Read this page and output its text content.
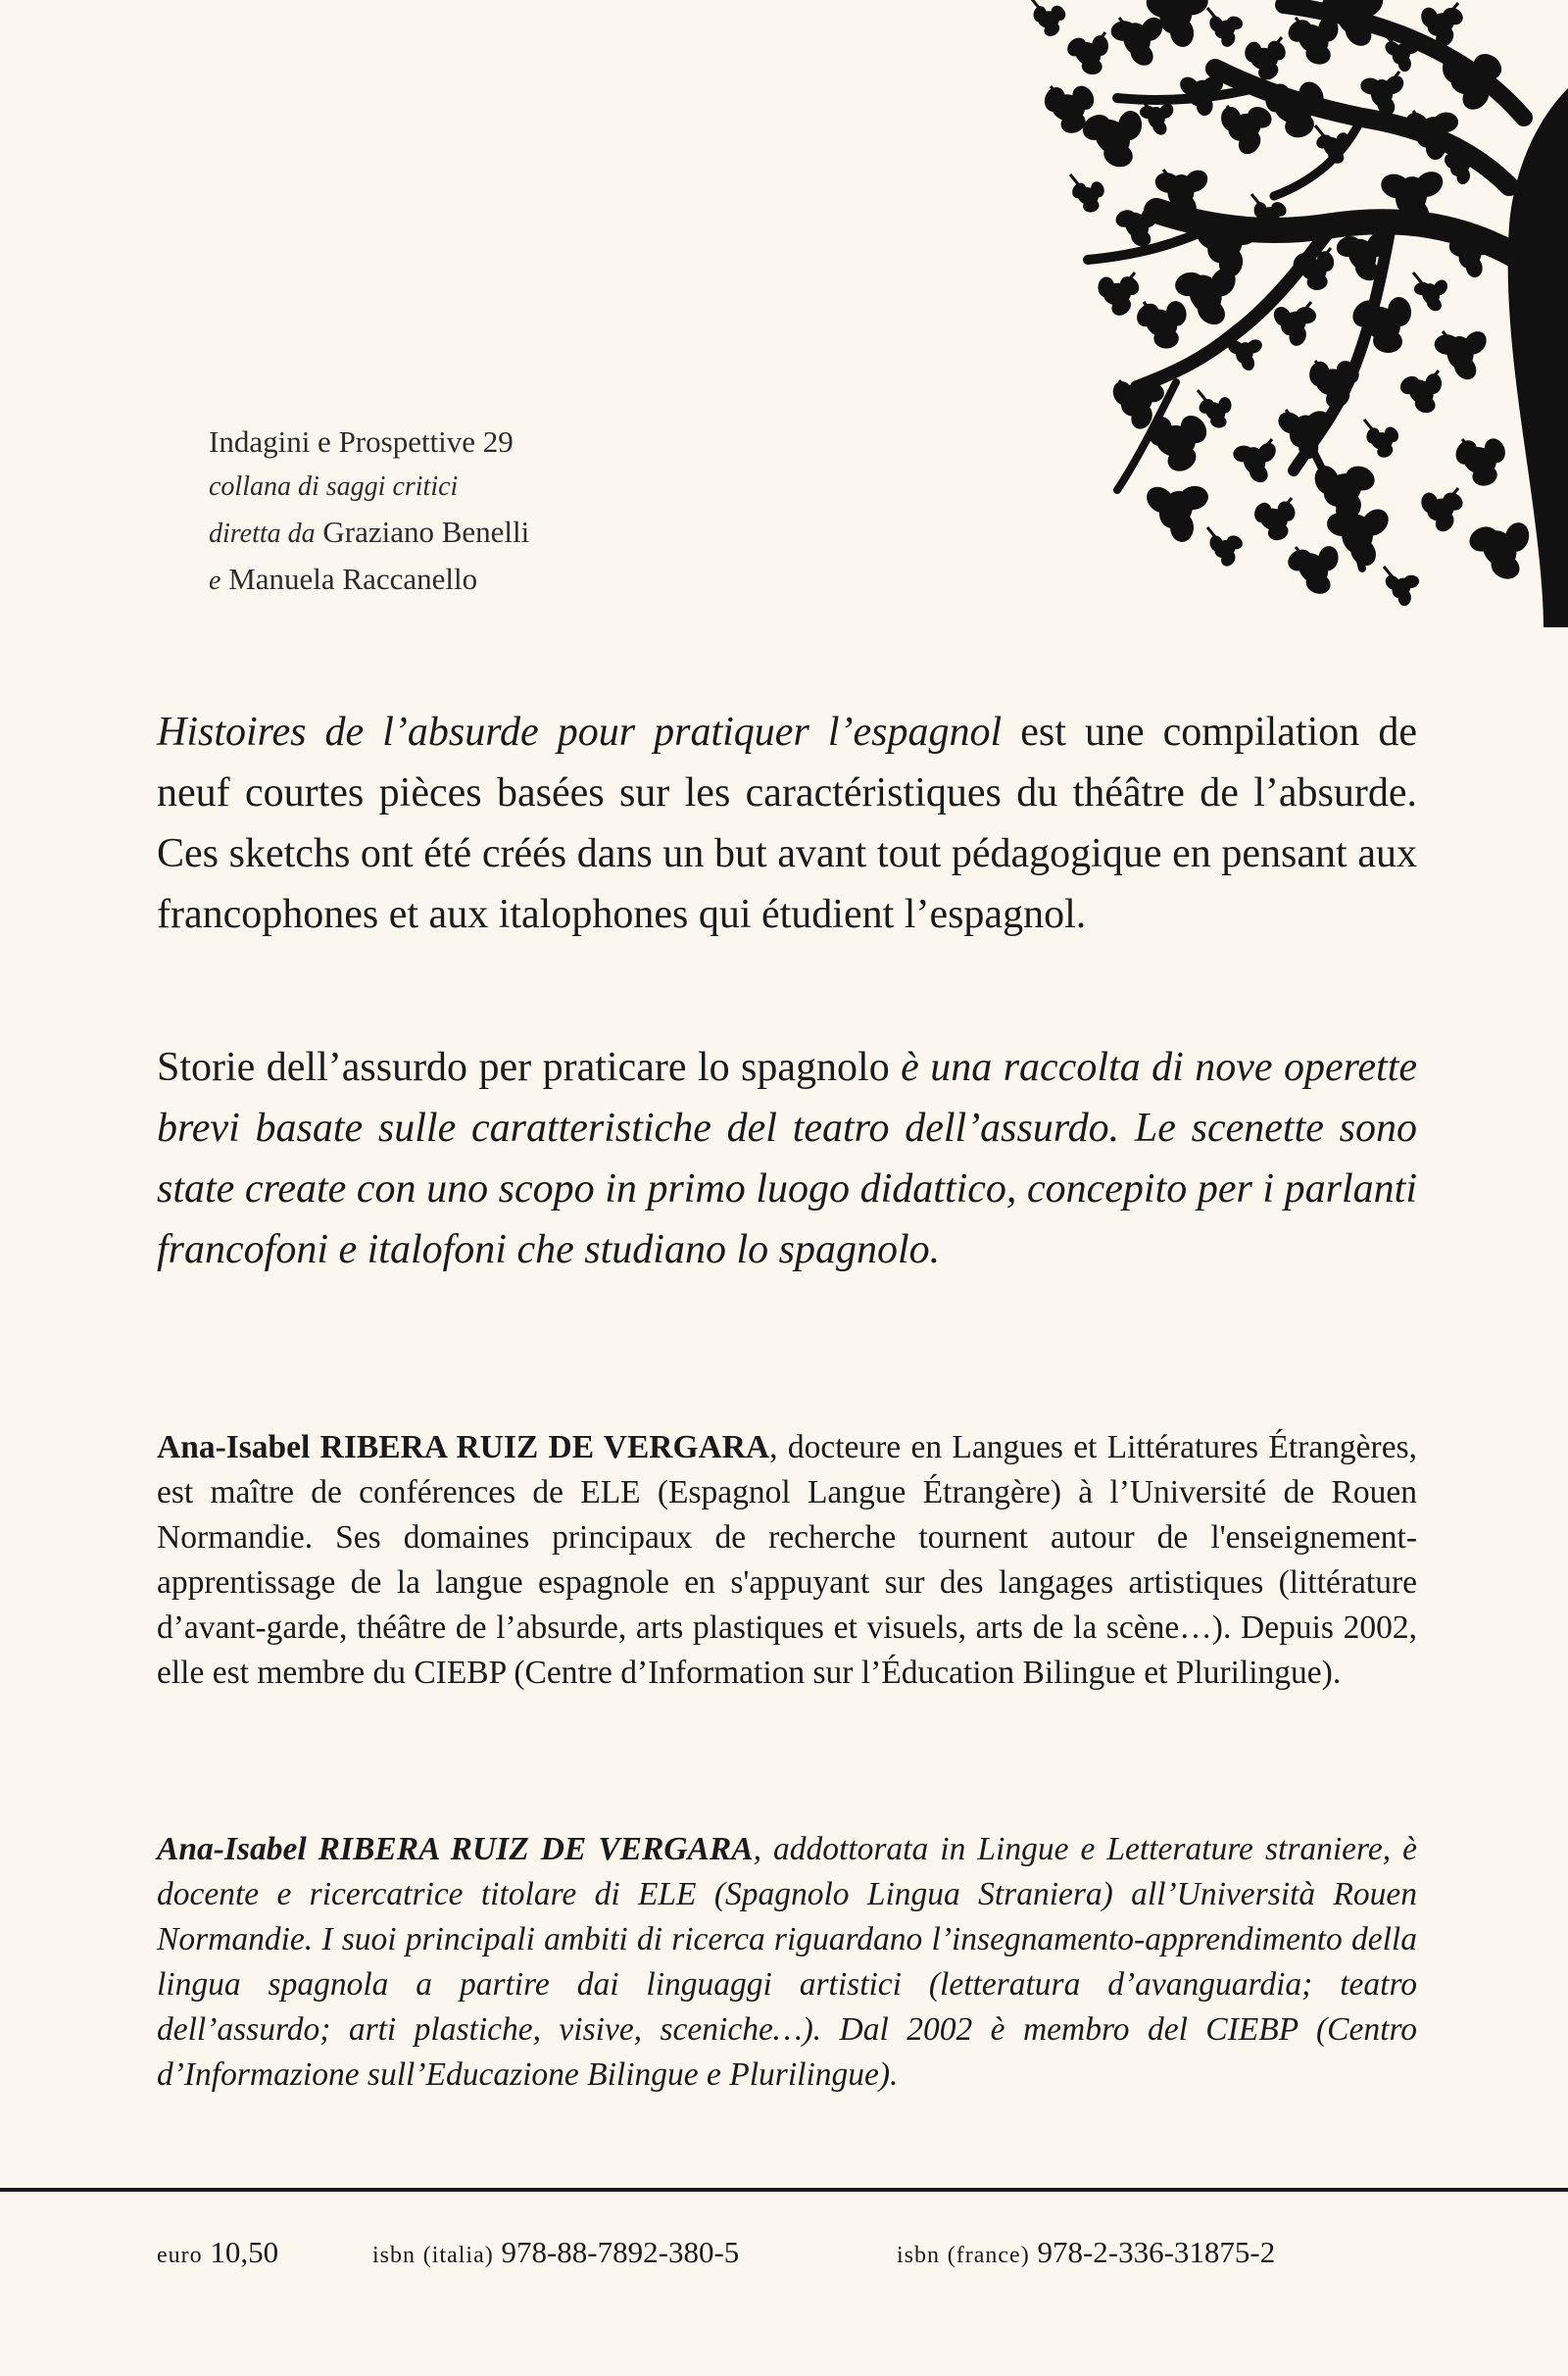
Indagini e Prospettive 29
collana di saggi critici
diretta da Graziano Benelli
e Manuela Raccanello

Histoires de l’absurde pour pratiquer l’espagnol est une compilation de neuf courtes pièces basées sur les caractéristiques du théâtre de l’absurde. Ces sketchs ont été créés dans un but avant tout pédagogique en pensant aux francophones et aux italophones qui étudient l’espagnol.

Storie dell’assurdo per praticare lo spagnolo è una raccolta di nove operette brevi basate sulle caratteristiche del teatro dell’assurdo. Le scenette sono state create con uno scopo in primo luogo didattico, concepito per i parlanti francofoni e italofoni che studiano lo spagnolo.

Ana-Isabel RIBERA RUIZ DE VERGARA, docteure en Langues et Littératures Étrangères, est maître de conférences de ELE (Espagnol Langue Étrangère) à l’Université de Rouen Normandie. Ses domaines principaux de recherche tournent autour de l'enseignement-apprentissage de la langue espagnole en s'appuyant sur des langages artistiques (littérature d’avant-garde, théâtre de l’absurde, arts plastiques et visuels, arts de la scène…). Depuis 2002, elle est membre du CIEBP (Centre d’Information sur l’Éducation Bilingue et Plurilingue).

Ana-Isabel RIBERA RUIZ DE VERGARA, addottorata in Lingue e Letterature straniere, è docente e ricercatrice titolare di ELE (Spagnolo Lingua Straniera) all’Università Rouen Normandie. I suoi principali ambiti di ricerca riguardano l’insegnamento-apprendimento della lingua spagnola a partire dai linguaggi artistici (letteratura d’avanguardia; teatro dell’assurdo; arti plastiche, visive, sceniche…). Dal 2002 è membro del CIEBP (Centro d’Informazione sull’Educazione Bilingue e Plurilingue).

euro 10,50	isbn (italia) 978-88-7892-380-5	isbn (france) 978-2-336-31875-2
